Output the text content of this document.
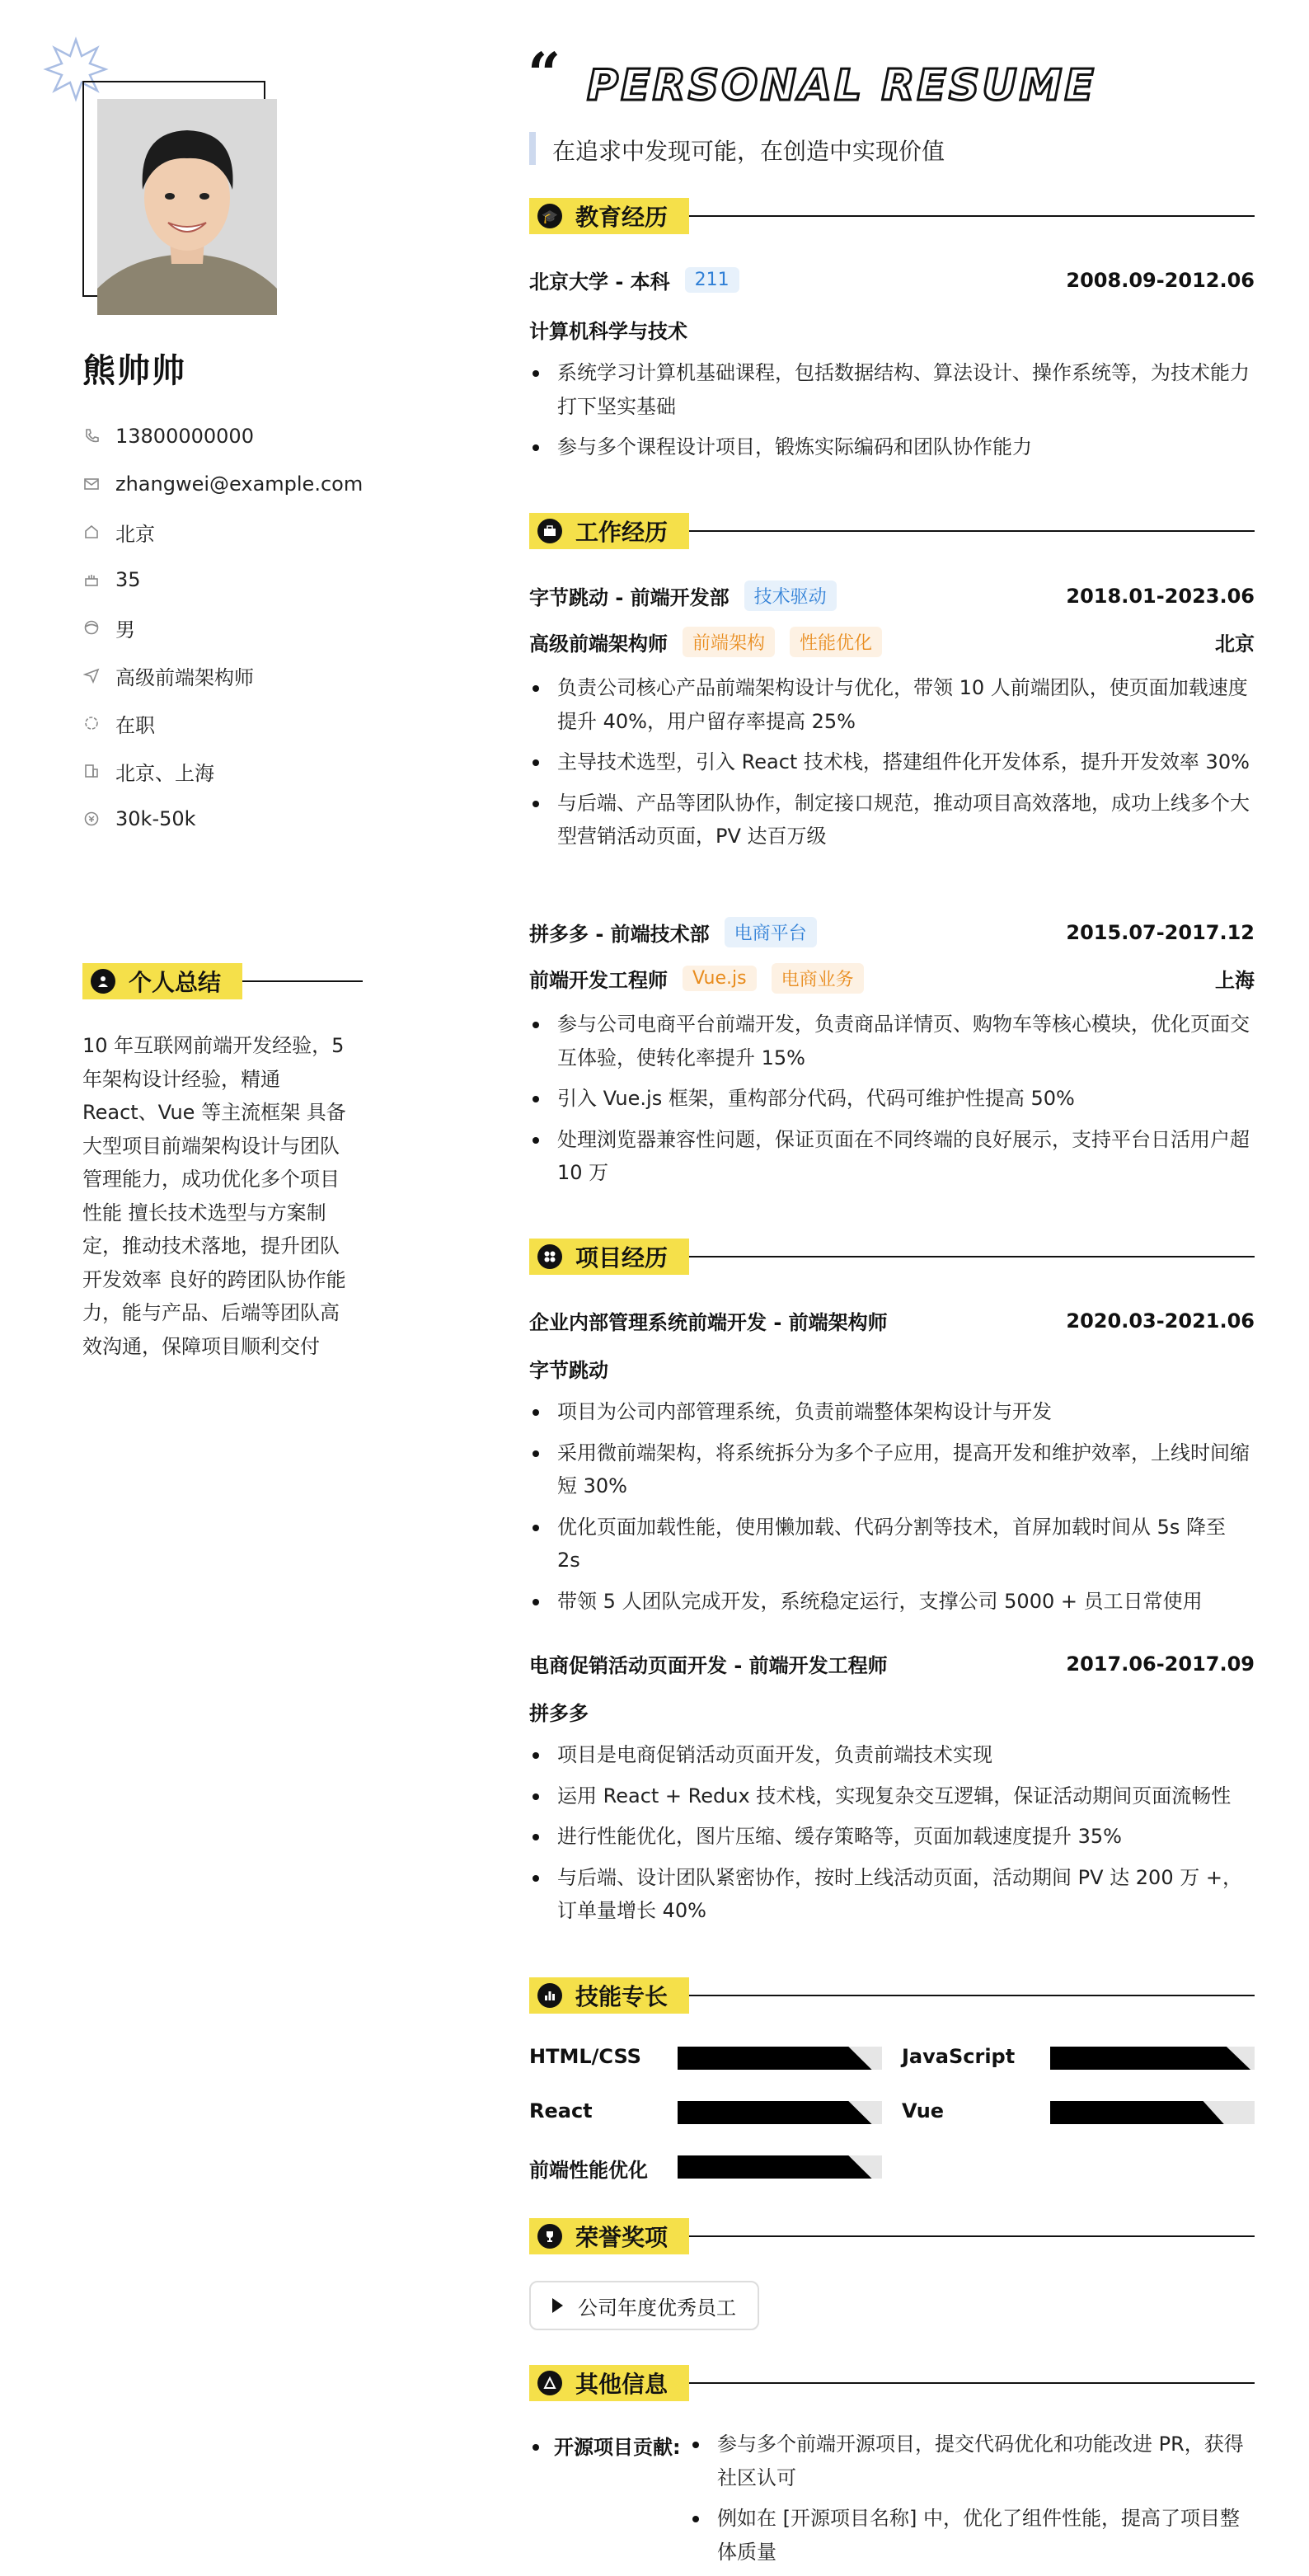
熊帅帅
13800000000
zhangwei@example.com
北京
35
男
高级前端架构师
在职
北京、上海
30k-50k
个人总结
10 年互联网前端开发经验，5 年架构设计经验，精通 React、Vue 等主流框架 具备大型项目前端架构设计与团队管理能力，成功优化多个项目性能 擅长技术选型与方案制定，推动技术落地，提升团队开发效率 良好的跨团队协作能力，能与产品、后端等团队高效沟通，保障项目顺利交付
“ PERSONAL RESUME
在追求中发现可能，在创造中实现价值
🎓 教育经历
北京大学 - 本科	211	2008.09-2012.06
计算机科学与技术
系统学习计算机基础课程，包括数据结构、算法设计、操作系统等，为技术能力打下坚实基础
参与多个课程设计项目，锻炼实际编码和团队协作能力
工作经历
字节跳动 - 前端开发部	技术驱动	2018.01-2023.06
高级前端架构师	前端架构	性能优化	北京
负责公司核心产品前端架构设计与优化，带领 10 人前端团队，使页面加载速度提升 40%，用户留存率提高 25%
主导技术选型，引入 React 技术栈，搭建组件化开发体系，提升开发效率 30%
与后端、产品等团队协作，制定接口规范，推动项目高效落地，成功上线多个大型营销活动页面，PV 达百万级
拼多多 - 前端技术部	电商平台	2015.07-2017.12
前端开发工程师	Vue.js	电商业务	上海
参与公司电商平台前端开发，负责商品详情页、购物车等核心模块，优化页面交互体验，使转化率提升 15%
引入 Vue.js 框架，重构部分代码，代码可维护性提高 50%
处理浏览器兼容性问题，保证页面在不同终端的良好展示，支持平台日活用户超 10 万
项目经历
企业内部管理系统前端开发 - 前端架构师	2020.03-2021.06
字节跳动
项目为公司内部管理系统，负责前端整体架构设计与开发
采用微前端架构，将系统拆分为多个子应用，提高开发和维护效率，上线时间缩短 30%
优化页面加载性能，使用懒加载、代码分割等技术，首屏加载时间从 5s 降至 2s
带领 5 人团队完成开发，系统稳定运行，支撑公司 5000 + 员工日常使用
电商促销活动页面开发 - 前端开发工程师	2017.06-2017.09
拼多多
项目是电商促销活动页面开发，负责前端技术实现
运用 React + Redux 技术栈，实现复杂交互逻辑，保证活动期间页面流畅性
进行性能优化，图片压缩、缓存策略等，页面加载速度提升 35%
与后端、设计团队紧密协作，按时上线活动页面，活动期间 PV 达 200 万 +，订单量增长 40%
技能专长
HTML/CSS	JavaScript
React	Vue
前端性能优化
荣誉奖项
公司年度优秀员工
其他信息
开源项目贡献:	参与多个前端开源项目，提交代码优化和功能改进 PR，获得社区认可
例如在 [开源项目名称] 中，优化了组件性能，提高了项目整体质量
